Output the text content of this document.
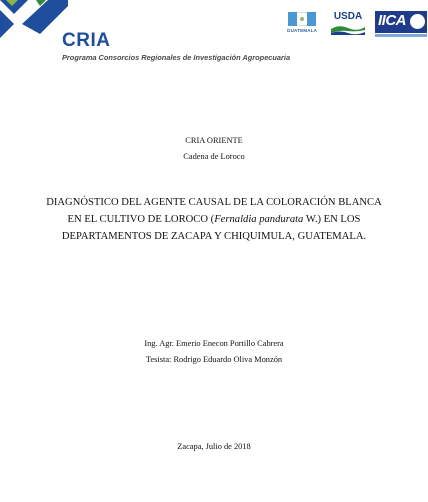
CRIA
Programa Consorcios Regionales de Investigación Agropecuaria
GUATEMALA
USDA IICA
CRIA ORIENTE
Cadena de Loroco
DIAGNÓSTICO DEL AGENTE CAUSAL DE LA COLORACIÓN BLANCA
EN EL CULTIVO DE LOROCO (Fernaldia pandurata W.) EN LOS
DEPARTAMENTOS DE ZACAPA Y CHIQUIMULA, GUATEMALA.
Ing. Agr. Emerio Enecon Portillo Cabrera
Tesista: Rodrigo Eduardo Oliva Monzón
Zacapa, Julio de 2018
